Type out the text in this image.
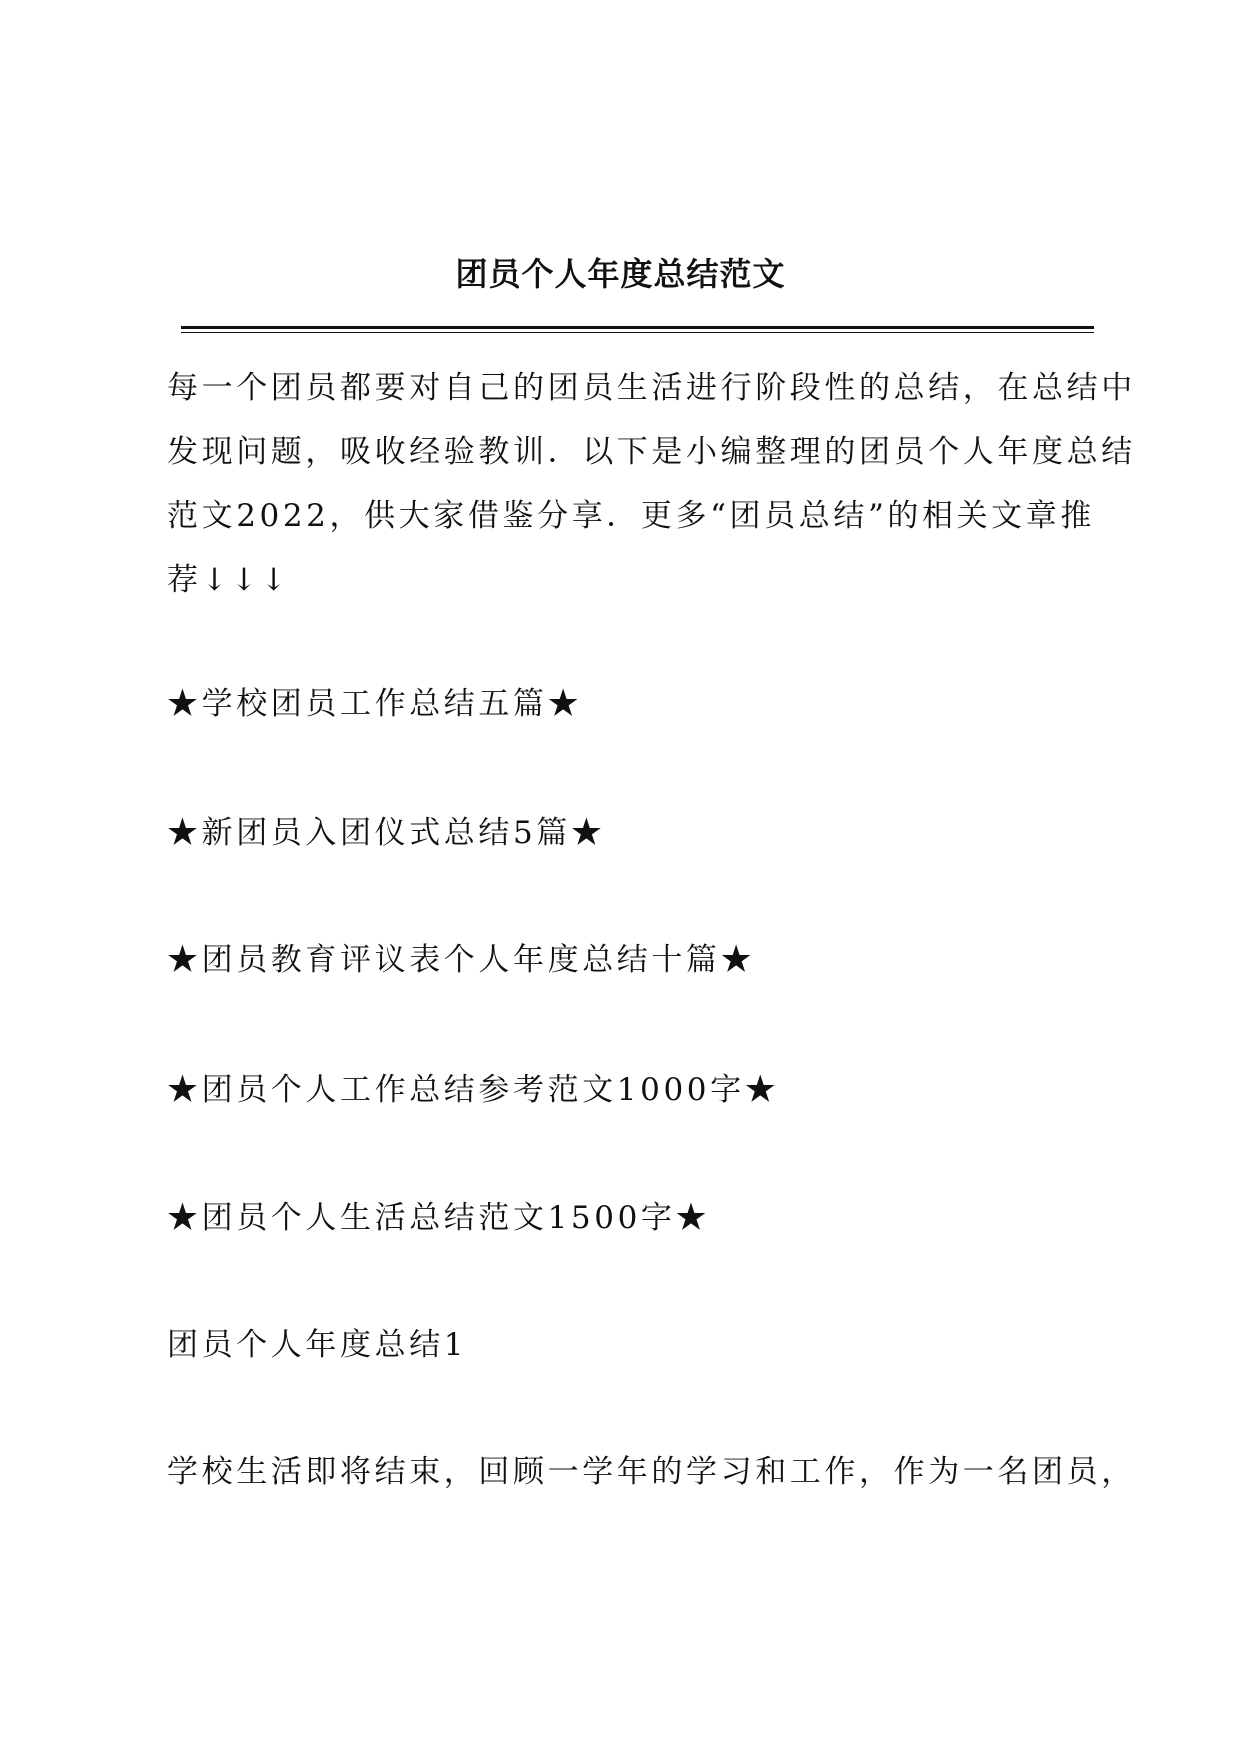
团员个人年度总结范文
每一个团员都要对自己的团员生活进行阶段性的总结，在总结中
发现问题，吸收经验教训．以下是小编整理的团员个人年度总结
范文2022，供大家借鉴分享．更多“团员总结”的相关文章推
荐↓↓↓
★学校团员工作总结五篇★
★新团员入团仪式总结5篇★
★团员教育评议表个人年度总结十篇★
★团员个人工作总结参考范文1000字★
★团员个人生活总结范文1500字★
团员个人年度总结1
学校生活即将结束，回顾一学年的学习和工作，作为一名团员，
